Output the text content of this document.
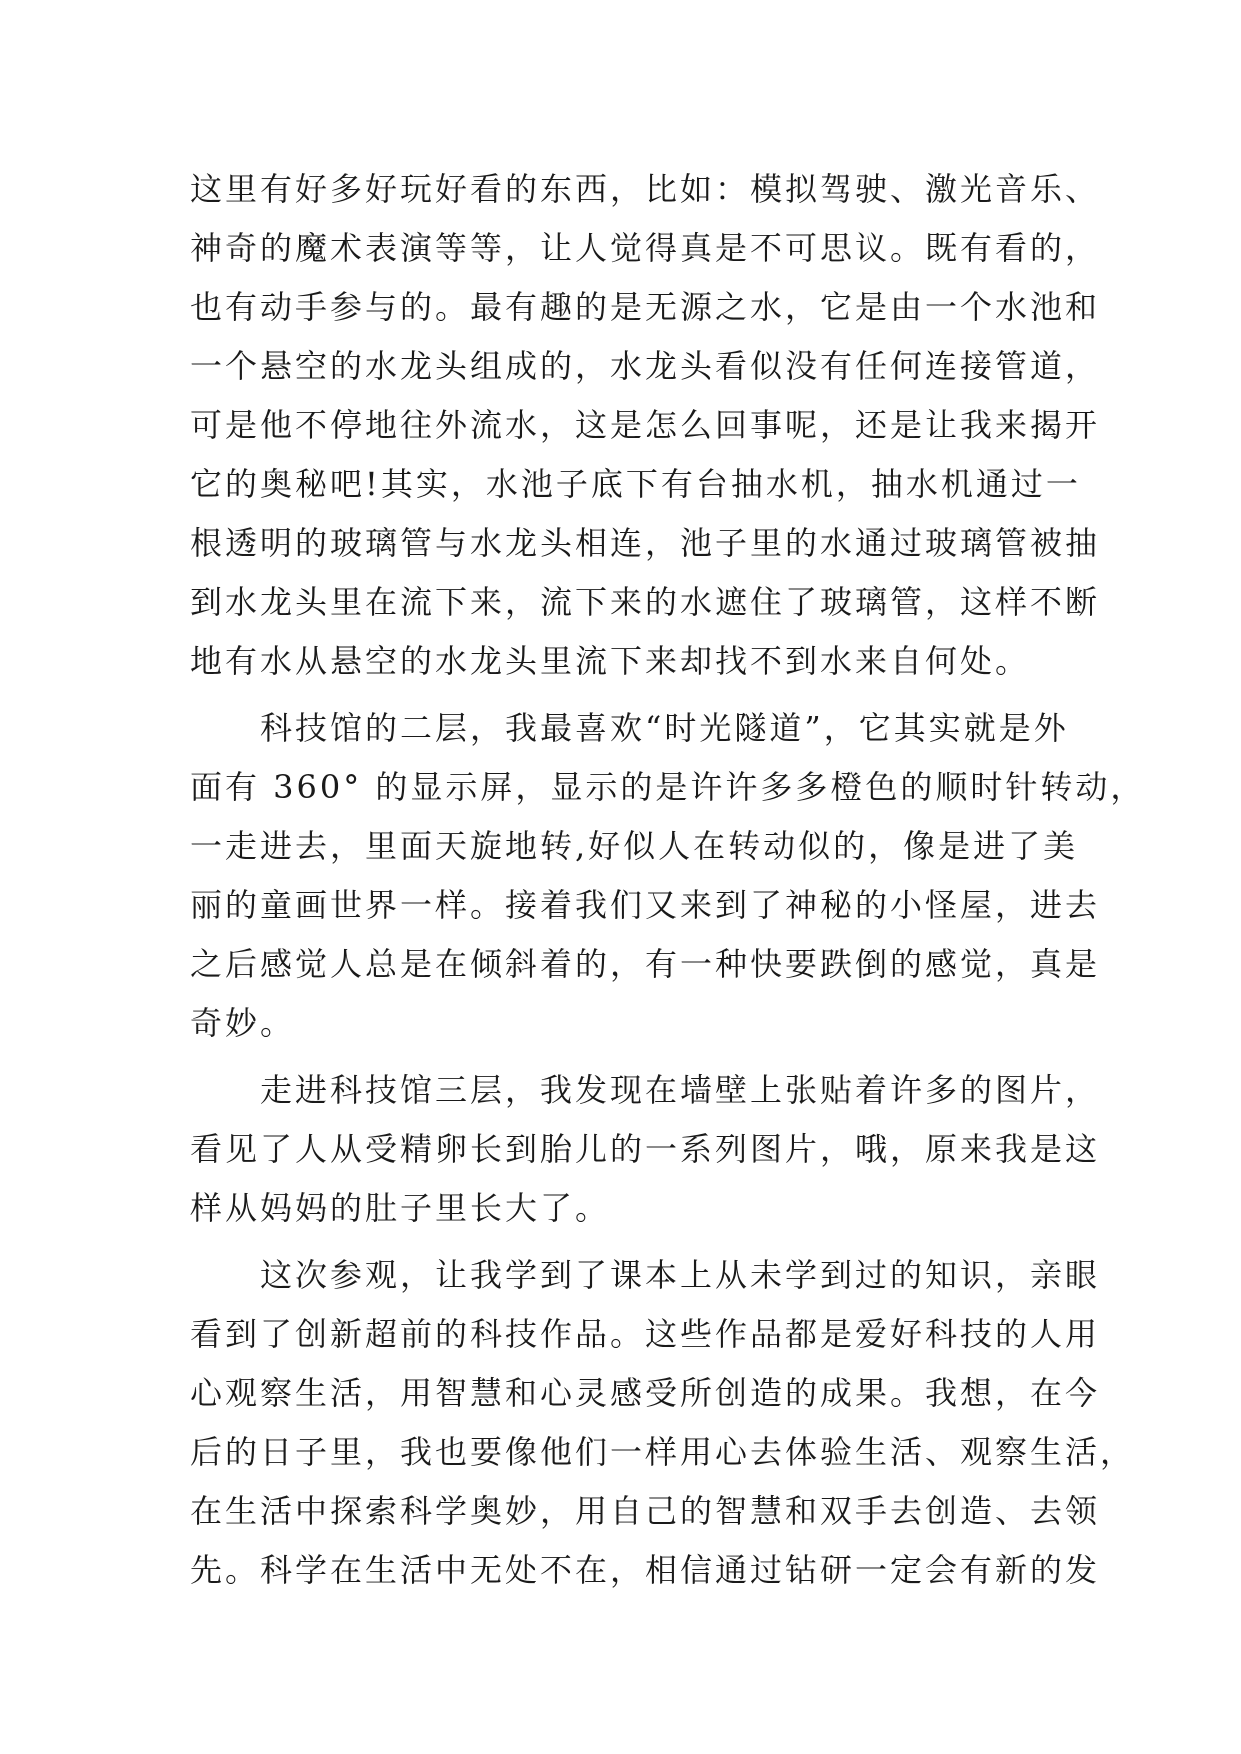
这里有好多好玩好看的东西，比如：模拟驾驶、激光音乐、
神奇的魔术表演等等，让人觉得真是不可思议。既有看的，
也有动手参与的。最有趣的是无源之水，它是由一个水池和
一个悬空的水龙头组成的，水龙头看似没有任何连接管道，
可是他不停地往外流水，这是怎么回事呢，还是让我来揭开
它的奥秘吧!其实，水池子底下有台抽水机，抽水机通过一
根透明的玻璃管与水龙头相连，池子里的水通过玻璃管被抽
到水龙头里在流下来，流下来的水遮住了玻璃管，这样不断
地有水从悬空的水龙头里流下来却找不到水来自何处。
　　科技馆的二层，我最喜欢“时光隧道”，它其实就是外
面有 360° 的显示屏，显示的是许许多多橙色的顺时针转动，
一走进去，里面天旋地转,好似人在转动似的，像是进了美
丽的童画世界一样。接着我们又来到了神秘的小怪屋，进去
之后感觉人总是在倾斜着的，有一种快要跌倒的感觉，真是
奇妙。
　　走进科技馆三层，我发现在墙壁上张贴着许多的图片，
看见了人从受精卵长到胎儿的一系列图片，哦，原来我是这
样从妈妈的肚子里长大了。
　　这次参观，让我学到了课本上从未学到过的知识，亲眼
看到了创新超前的科技作品。这些作品都是爱好科技的人用
心观察生活，用智慧和心灵感受所创造的成果。我想，在今
后的日子里，我也要像他们一样用心去体验生活、观察生活，
在生活中探索科学奥妙，用自己的智慧和双手去创造、去领
先。科学在生活中无处不在，相信通过钻研一定会有新的发
